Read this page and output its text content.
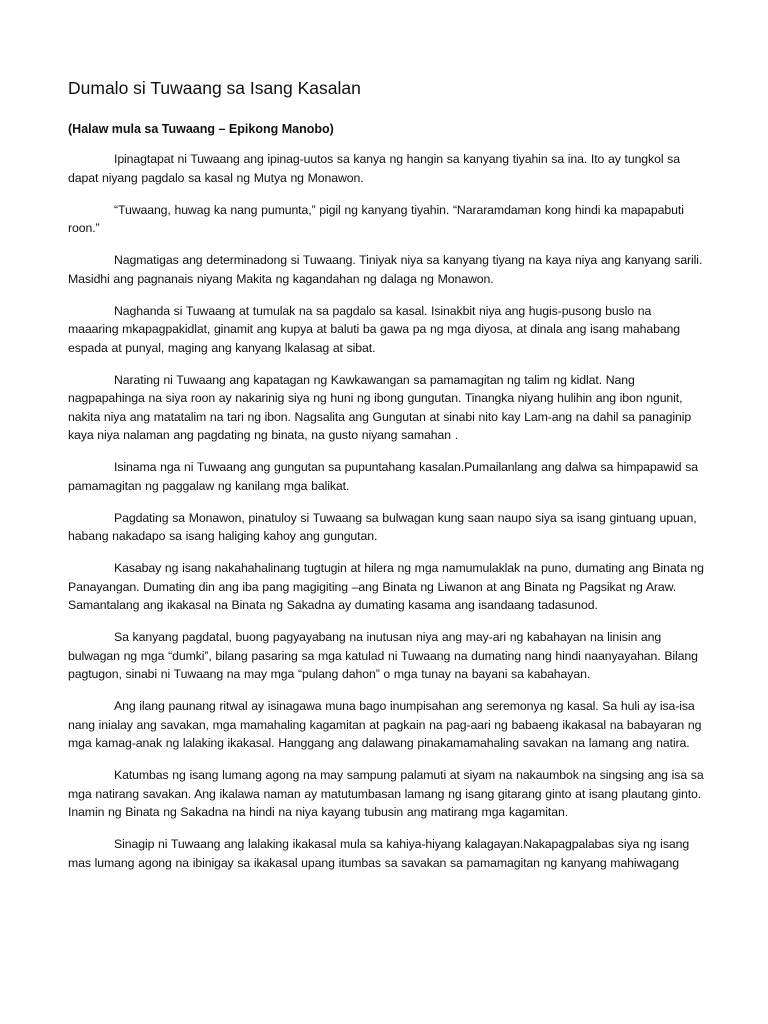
Dumalo si Tuwaang sa Isang Kasalan

(Halaw mula sa Tuwaang – Epikong Manobo)

Ipinagtapat ni Tuwaang ang ipinag-uutos sa kanya ng hangin sa kanyang tiyahin sa ina. Ito ay tungkol sa dapat niyang pagdalo sa kasal ng Mutya ng Monawon.

“Tuwaang, huwag ka nang pumunta,” pigil ng kanyang tiyahin. “Nararamdaman kong hindi ka mapapabuti roon.”

Nagmatigas ang determinadong si Tuwaang. Tiniyak niya sa kanyang tiyang na kaya niya ang kanyang sarili. Masidhi ang pagnanais niyang Makita ng kagandahan ng dalaga ng Monawon.

Naghanda si Tuwaang at tumulak na sa pagdalo sa kasal. Isinakbit niya ang hugis-pusong buslo na maaaring mkapagpakidlat, ginamit ang kupya at baluti ba gawa pa ng mga diyosa, at dinala ang isang mahabang espada at punyal, maging ang kanyang lkalasag at sibat.

Narating ni Tuwaang ang kapatagan ng Kawkawangan sa pamamagitan ng talim ng kidlat. Nang nagpapahinga na siya roon ay nakarinig siya ng huni ng ibong gungutan. Tinangka niyang hulihin ang ibon ngunit, nakita niya ang matatalim na tari ng ibon. Nagsalita ang Gungutan at sinabi nito kay Lam-ang na dahil sa panaginip kaya niya nalaman ang pagdating ng binata, na gusto niyang samahan .

Isinama nga ni Tuwaang ang gungutan sa pupuntahang kasalan.Pumailanlang ang dalwa sa himpapawid sa pamamagitan ng paggalaw ng kanilang mga balikat.

Pagdating sa Monawon, pinatuloy si Tuwaang sa bulwagan kung saan naupo siya sa isang gintuang upuan, habang nakadapo sa isang haliging kahoy ang gungutan.

Kasabay ng isang nakahahalinang tugtugin at hilera ng mga namumulaklak na puno, dumating ang Binata ng Panayangan. Dumating din ang iba pang magigiting –ang Binata ng Liwanon at ang Binata ng Pagsikat ng Araw. Samantalang ang ikakasal na Binata ng Sakadna ay dumating kasama ang isandaang tadasunod.

Sa kanyang pagdatal, buong pagyayabang na inutusan niya ang may-ari ng kabahayan na linisin ang bulwagan ng mga “dumki”, bilang pasaring sa mga katulad ni Tuwaang na dumating nang hindi naanyayahan. Bilang pagtugon, sinabi ni Tuwaang na may mga “pulang dahon” o mga tunay na bayani sa kabahayan.

Ang ilang paunang ritwal ay isinagawa muna bago inumpisahan ang seremonya ng kasal. Sa huli ay isa-isa nang inialay ang savakan, mga mamahaling kagamitan at pagkain na pag-aari ng babaeng ikakasal na babayaran ng mga kamag-anak ng lalaking ikakasal. Hanggang ang dalawang pinakamamahaling savakan na lamang ang natira.

Katumbas ng isang lumang agong na may sampung palamuti at siyam na nakaumbok na singsing ang isa sa mga natirang savakan. Ang ikalawa naman ay matutumbasan lamang ng isang gitarang ginto at isang plautang ginto. Inamin ng Binata ng Sakadna na hindi na niya kayang tubusin ang matirang mga kagamitan.

Sinagip ni Tuwaang ang lalaking ikakasal mula sa kahiya-hiyang kalagayan.Nakapagpalabas siya ng isang mas lumang agong na ibinigay sa ikakasal upang itumbas sa savakan sa pamamagitan ng kanyang mahiwagang
